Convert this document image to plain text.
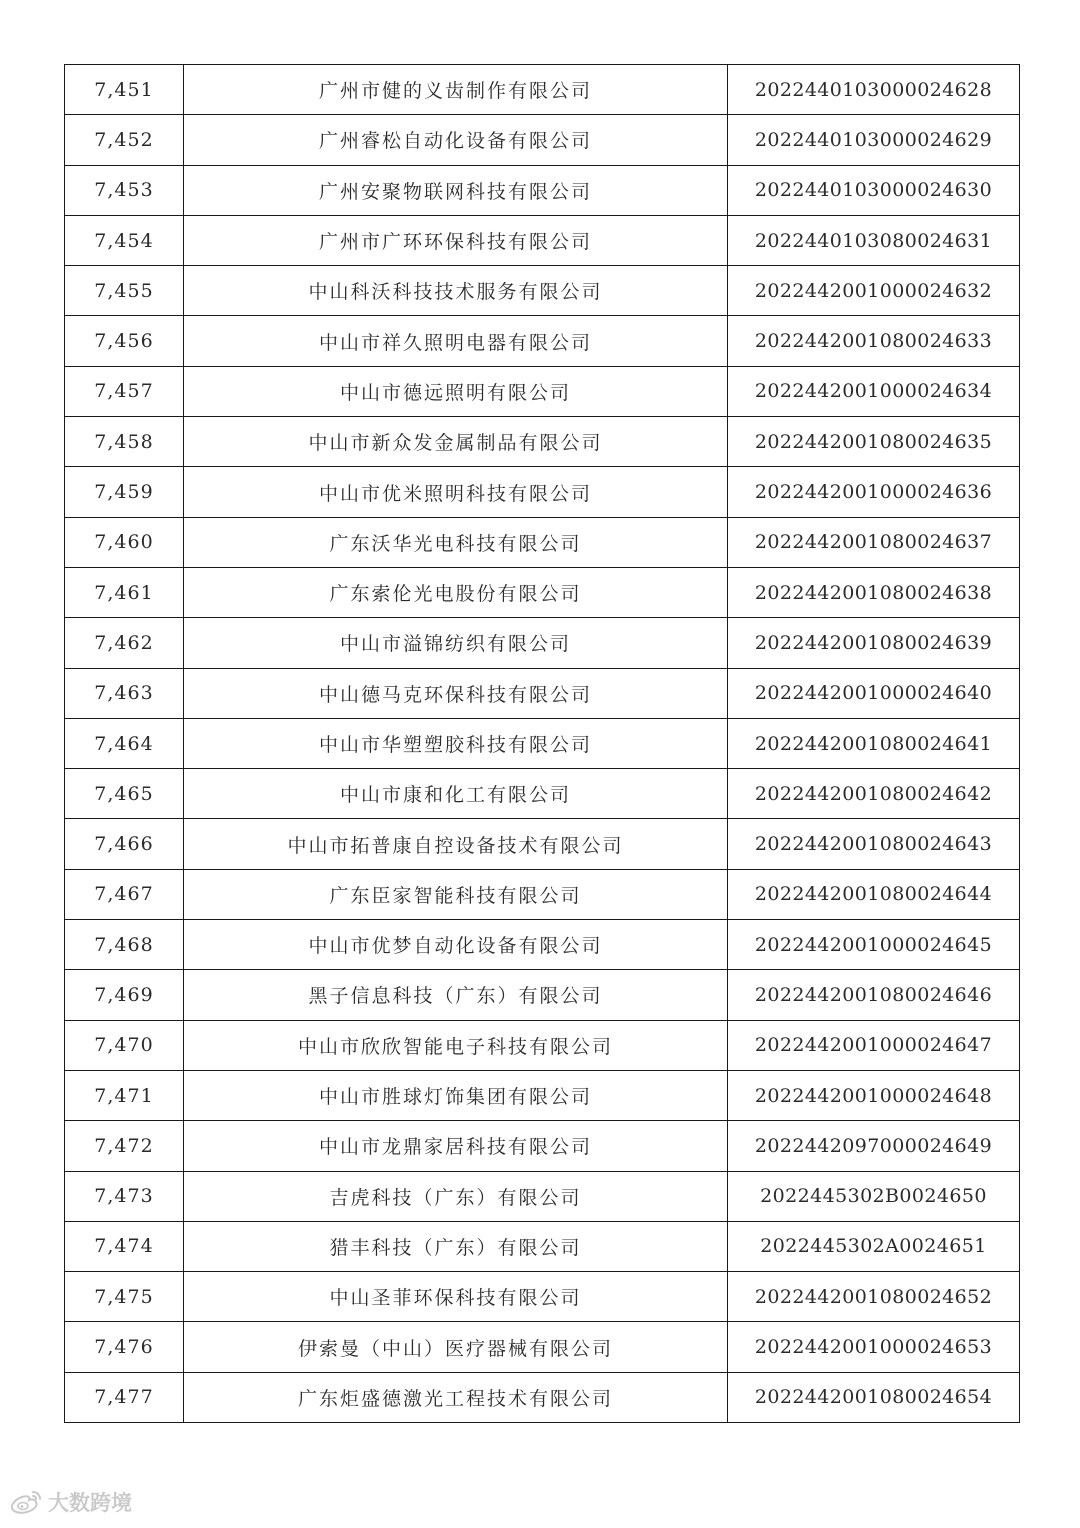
7,451	广州市健的义齿制作有限公司	2022440103000024628
7,452	广州睿松自动化设备有限公司	2022440103000024629
7,453	广州安聚物联网科技有限公司	2022440103000024630
7,454	广州市广环环保科技有限公司	2022440103080024631
7,455	中山科沃科技技术服务有限公司	2022442001000024632
7,456	中山市祥久照明电器有限公司	2022442001080024633
7,457	中山市德远照明有限公司	2022442001000024634
7,458	中山市新众发金属制品有限公司	2022442001080024635
7,459	中山市优米照明科技有限公司	2022442001000024636
7,460	广东沃华光电科技有限公司	2022442001080024637
7,461	广东索伦光电股份有限公司	2022442001080024638
7,462	中山市溢锦纺织有限公司	2022442001080024639
7,463	中山德马克环保科技有限公司	2022442001000024640
7,464	中山市华塑塑胶科技有限公司	2022442001080024641
7,465	中山市康和化工有限公司	2022442001080024642
7,466	中山市拓普康自控设备技术有限公司	2022442001080024643
7,467	广东臣家智能科技有限公司	2022442001080024644
7,468	中山市优梦自动化设备有限公司	2022442001000024645
7,469	黑子信息科技（广东）有限公司	2022442001080024646
7,470	中山市欣欣智能电子科技有限公司	2022442001000024647
7,471	中山市胜球灯饰集团有限公司	2022442001000024648
7,472	中山市龙鼎家居科技有限公司	2022442097000024649
7,473	吉虎科技（广东）有限公司	2022445302B0024650
7,474	猎丰科技（广东）有限公司	2022445302A0024651
7,475	中山圣菲环保科技有限公司	2022442001080024652
7,476	伊索曼（中山）医疗器械有限公司	2022442001000024653
7,477	广东炬盛德激光工程技术有限公司	2022442001080024654
大数跨境
